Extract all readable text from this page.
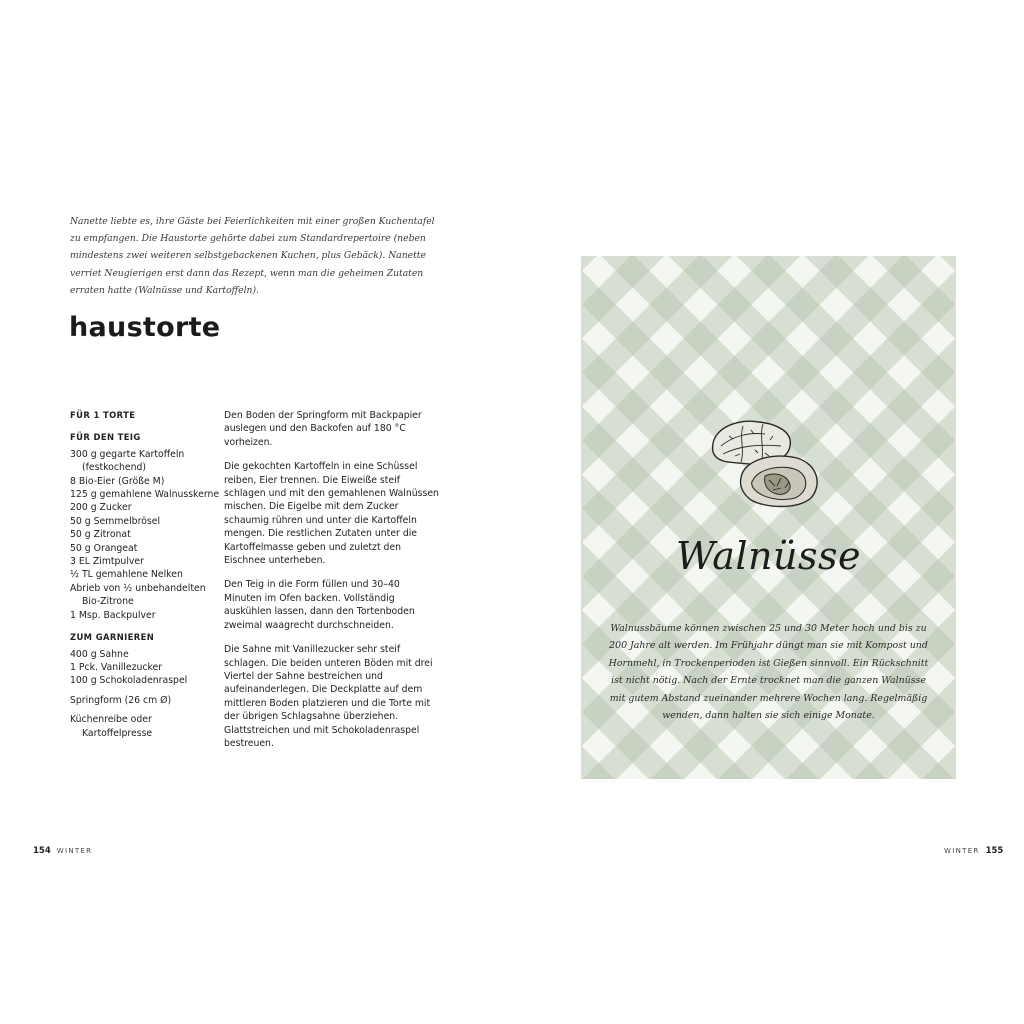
Nanette liebte es, ihre Gäste bei Feierlichkeiten mit einer großen Kuchentafel zu empfangen. Die Haustorte gehörte dabei zum Standardrepertoire (neben mindestens zwei weiteren selbstgebackenen Kuchen, plus Gebäck). Nanette verriet Neugierigen erst dann das Rezept, wenn man die geheimen Zutaten erraten hatte (Walnüsse und Kartoffeln).
haustorte
FÜR 1 TORTE
FÜR DEN TEIG
300 g gegarte Kartoffeln (festkochend)
8 Bio-Eier (Größe M)
125 g gemahlene Walnusskerne
200 g Zucker
50 g Semmelbrösel
50 g Zitronat
50 g Orangeat
3 EL Zimtpulver
½ TL gemahlene Nelken
Abrieb von ½ unbehandelten Bio-Zitrone
1 Msp. Backpulver
ZUM GARNIEREN
400 g Sahne
1 Pck. Vanillezucker
100 g Schokoladenraspel
Springform (26 cm Ø)
Küchenreibe oder Kartoffelpresse

Den Boden der Springform mit Backpapier auslegen und den Backofen auf 180 °C vorheizen.

Die gekochten Kartoffeln in eine Schüssel reiben, Eier trennen. Die Eiweiße steif schlagen und mit den gemahlenen Walnüssen mischen. Die Eigelbe mit dem Zucker schaumig rühren und unter die Kartoffeln mengen. Die restlichen Zutaten unter die Kartoffelmasse geben und zuletzt den Eischnee unterheben.

Den Teig in die Form füllen und 30–40 Minuten im Ofen backen. Vollständig auskühlen lassen, dann den Tortenboden zweimal waagrecht durchschneiden.

Die Sahne mit Vanillezucker sehr steif schlagen. Die beiden unteren Böden mit drei Viertel der Sahne bestreichen und aufeinanderlegen. Die Deckplatte auf dem mittleren Boden platzieren und die Torte mit der übrigen Schlagsahne überziehen. Glattstreichen und mit Schokoladenraspel bestreuen.

154 WINTER
Walnüsse
Walnussbäume können zwischen 25 und 30 Meter hoch und bis zu 200 Jahre alt werden. Im Frühjahr düngt man sie mit Kompost und Hornmehl, in Trockenperioden ist Gießen sinnvoll. Ein Rückschnitt ist nicht nötig. Nach der Ernte trocknet man die ganzen Walnüsse mit gutem Abstand zueinander mehrere Wochen lang. Regelmäßig wenden, dann halten sie sich einige Monate.
WINTER 155
